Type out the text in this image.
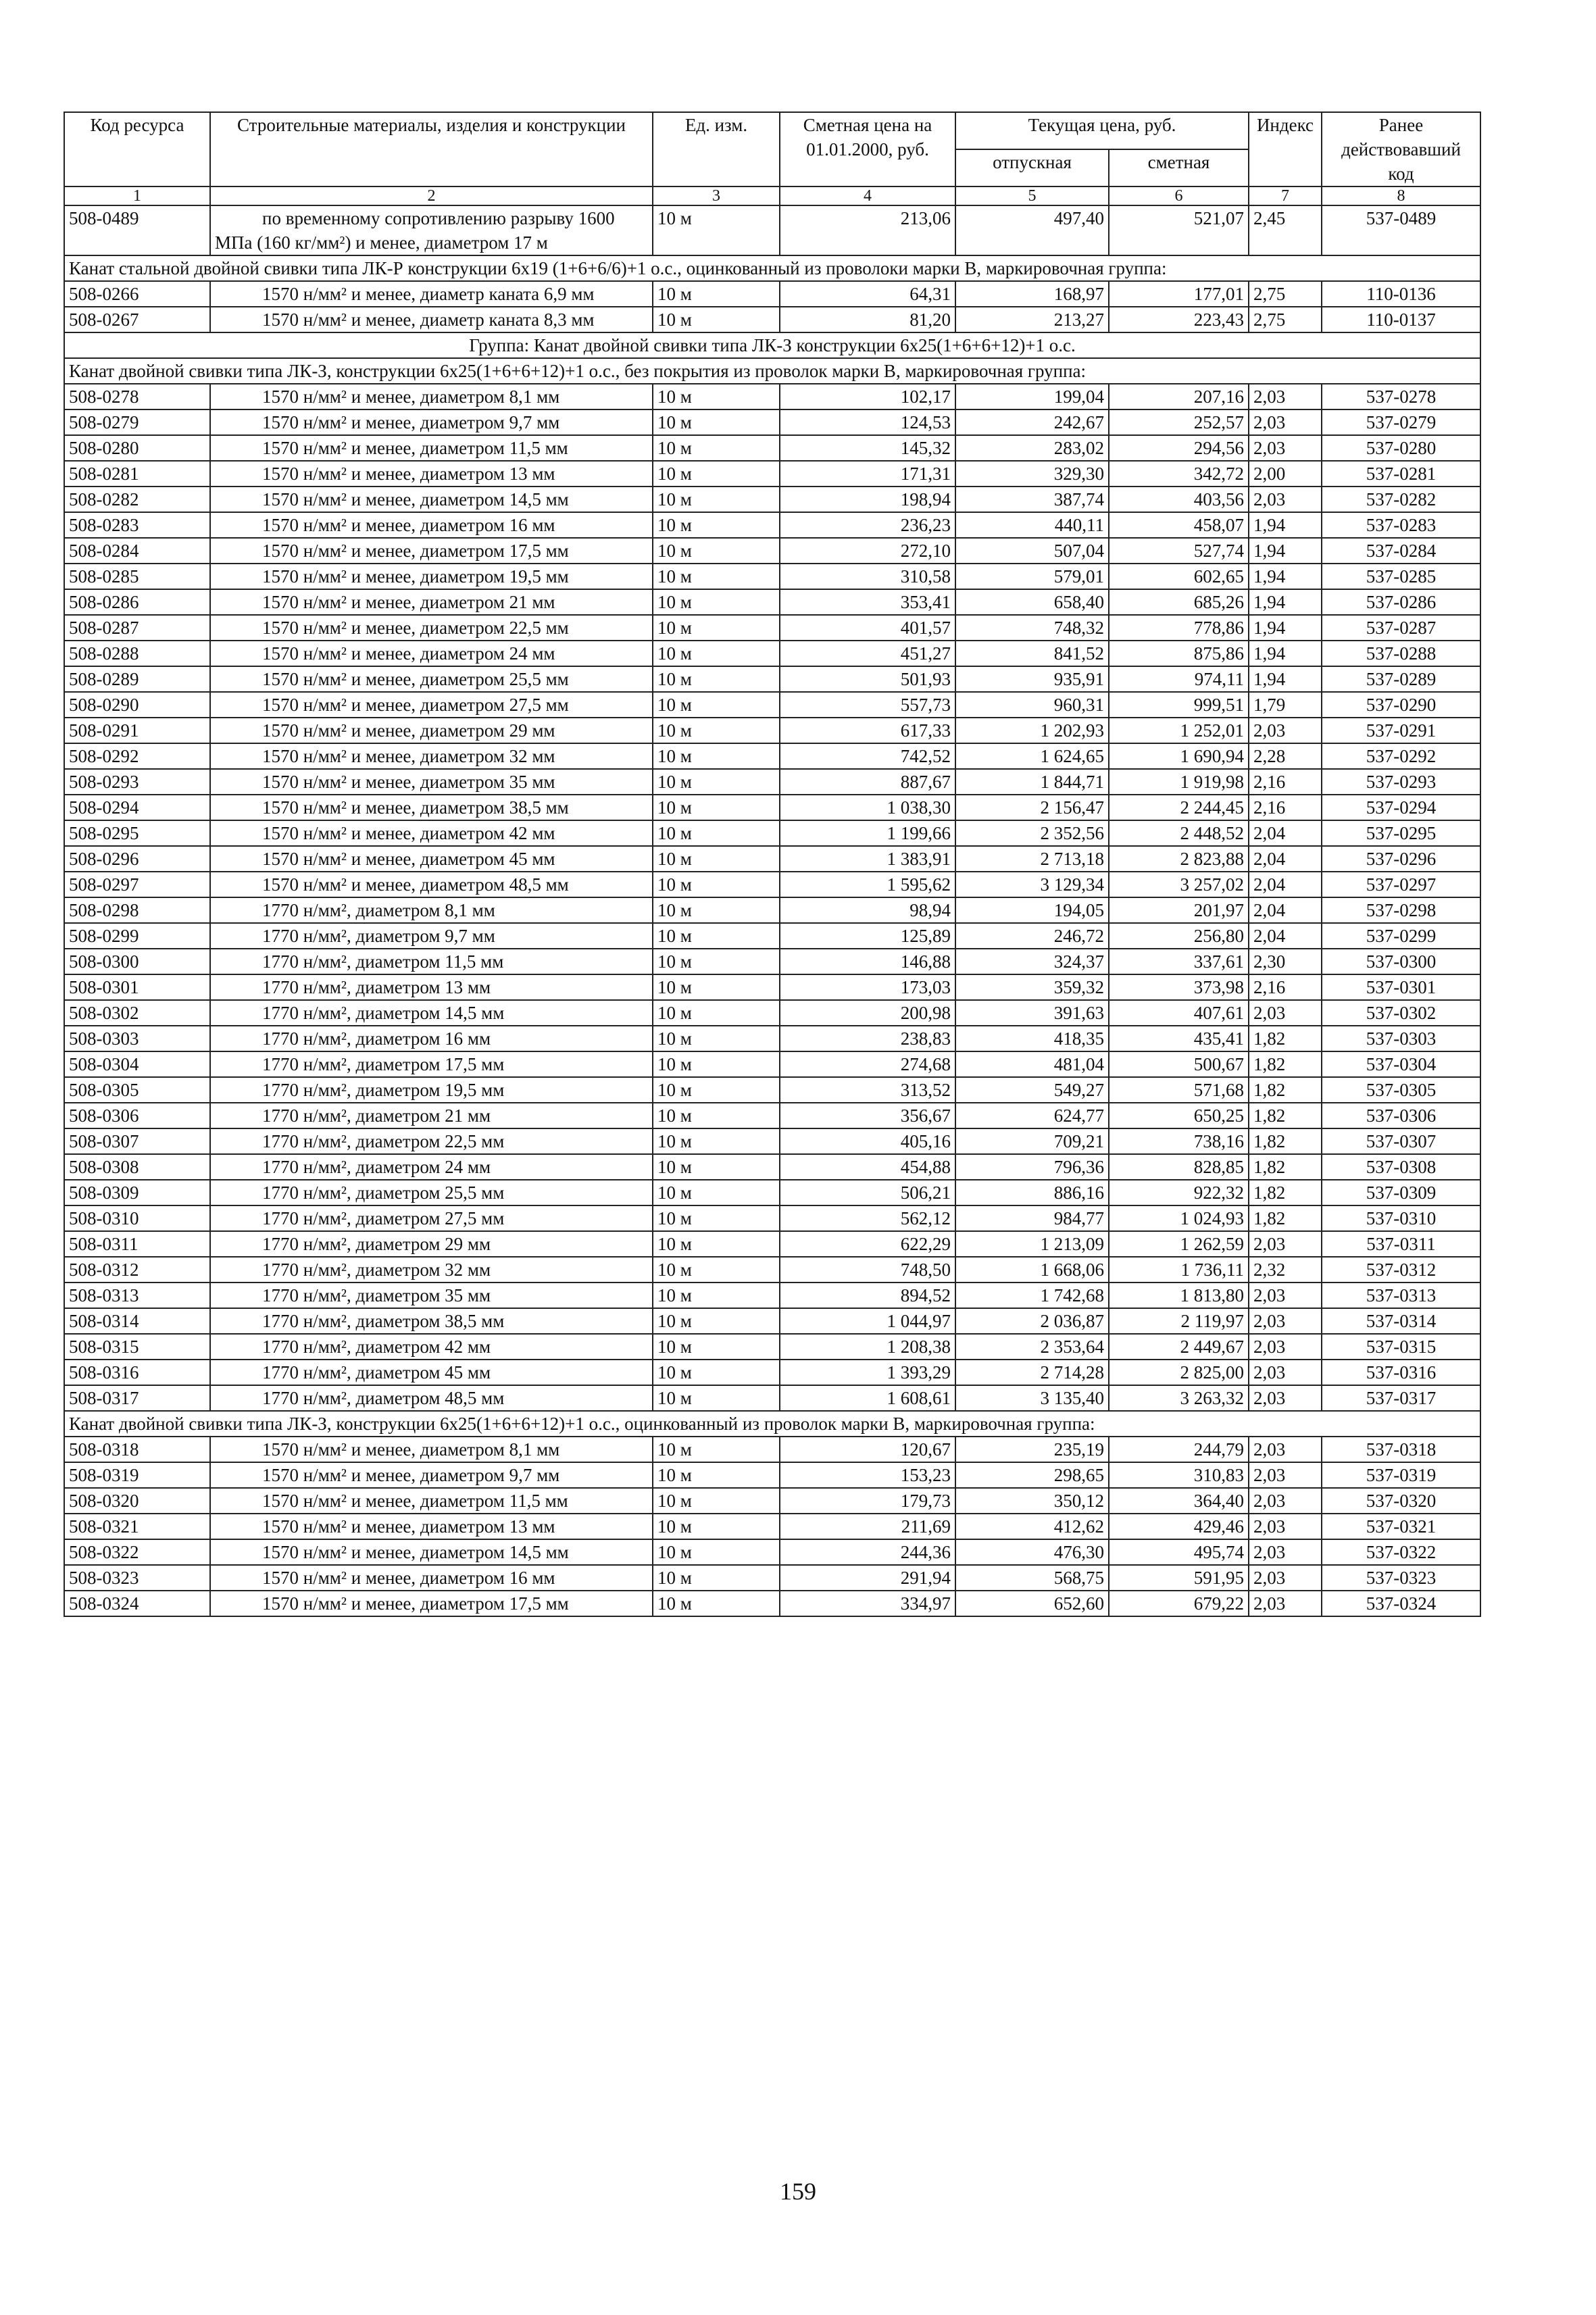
Код ресурса	Строительные материалы, изделия и конструкции	Ед. изм.	Сметная цена на 01.01.2000, руб.	Текущая цена, руб.		Индекс	Ранее действовавший код
				отпускная	сметная		
1	2	3	4	5	6	7	8
508-0489	по временному сопротивлению разрыву 1600 МПа (160 кг/мм²) и менее, диаметром 17 м	10 м	213,06	497,40	521,07	2,45	537-0489
Канат стальной двойной свивки типа ЛК-Р конструкции 6х19 (1+6+6/6)+1 о.с., оцинкованный из проволоки марки В, маркировочная группа:							
508-0266	1570 н/мм² и менее, диаметр каната 6,9 мм	10 м	64,31	168,97	177,01	2,75	110-0136
508-0267	1570 н/мм² и менее, диаметр каната 8,3 мм	10 м	81,20	213,27	223,43	2,75	110-0137
Группа: Канат двойной свивки типа ЛК-З конструкции 6х25(1+6+6+12)+1 о.с.							
Канат двойной свивки типа ЛК-З, конструкции 6х25(1+6+6+12)+1 о.с., без покрытия из проволок марки В, маркировочная группа:							
508-0278	1570 н/мм² и менее, диаметром 8,1 мм	10 м	102,17	199,04	207,16	2,03	537-0278
508-0279	1570 н/мм² и менее, диаметром 9,7 мм	10 м	124,53	242,67	252,57	2,03	537-0279
508-0280	1570 н/мм² и менее, диаметром 11,5 мм	10 м	145,32	283,02	294,56	2,03	537-0280
508-0281	1570 н/мм² и менее, диаметром 13 мм	10 м	171,31	329,30	342,72	2,00	537-0281
508-0282	1570 н/мм² и менее, диаметром 14,5 мм	10 м	198,94	387,74	403,56	2,03	537-0282
508-0283	1570 н/мм² и менее, диаметром 16 мм	10 м	236,23	440,11	458,07	1,94	537-0283
508-0284	1570 н/мм² и менее, диаметром 17,5 мм	10 м	272,10	507,04	527,74	1,94	537-0284
508-0285	1570 н/мм² и менее, диаметром 19,5 мм	10 м	310,58	579,01	602,65	1,94	537-0285
508-0286	1570 н/мм² и менее, диаметром 21 мм	10 м	353,41	658,40	685,26	1,94	537-0286
508-0287	1570 н/мм² и менее, диаметром 22,5 мм	10 м	401,57	748,32	778,86	1,94	537-0287
508-0288	1570 н/мм² и менее, диаметром 24 мм	10 м	451,27	841,52	875,86	1,94	537-0288
508-0289	1570 н/мм² и менее, диаметром 25,5 мм	10 м	501,93	935,91	974,11	1,94	537-0289
508-0290	1570 н/мм² и менее, диаметром 27,5 мм	10 м	557,73	960,31	999,51	1,79	537-0290
508-0291	1570 н/мм² и менее, диаметром 29 мм	10 м	617,33	1 202,93	1 252,01	2,03	537-0291
508-0292	1570 н/мм² и менее, диаметром 32 мм	10 м	742,52	1 624,65	1 690,94	2,28	537-0292
508-0293	1570 н/мм² и менее, диаметром 35 мм	10 м	887,67	1 844,71	1 919,98	2,16	537-0293
508-0294	1570 н/мм² и менее, диаметром 38,5 мм	10 м	1 038,30	2 156,47	2 244,45	2,16	537-0294
508-0295	1570 н/мм² и менее, диаметром 42 мм	10 м	1 199,66	2 352,56	2 448,52	2,04	537-0295
508-0296	1570 н/мм² и менее, диаметром 45 мм	10 м	1 383,91	2 713,18	2 823,88	2,04	537-0296
508-0297	1570 н/мм² и менее, диаметром 48,5 мм	10 м	1 595,62	3 129,34	3 257,02	2,04	537-0297
508-0298	1770 н/мм², диаметром 8,1 мм	10 м	98,94	194,05	201,97	2,04	537-0298
508-0299	1770 н/мм², диаметром 9,7 мм	10 м	125,89	246,72	256,80	2,04	537-0299
508-0300	1770 н/мм², диаметром 11,5 мм	10 м	146,88	324,37	337,61	2,30	537-0300
508-0301	1770 н/мм², диаметром 13 мм	10 м	173,03	359,32	373,98	2,16	537-0301
508-0302	1770 н/мм², диаметром 14,5 мм	10 м	200,98	391,63	407,61	2,03	537-0302
508-0303	1770 н/мм², диаметром 16 мм	10 м	238,83	418,35	435,41	1,82	537-0303
508-0304	1770 н/мм², диаметром 17,5 мм	10 м	274,68	481,04	500,67	1,82	537-0304
508-0305	1770 н/мм², диаметром 19,5 мм	10 м	313,52	549,27	571,68	1,82	537-0305
508-0306	1770 н/мм², диаметром 21 мм	10 м	356,67	624,77	650,25	1,82	537-0306
508-0307	1770 н/мм², диаметром 22,5 мм	10 м	405,16	709,21	738,16	1,82	537-0307
508-0308	1770 н/мм², диаметром 24 мм	10 м	454,88	796,36	828,85	1,82	537-0308
508-0309	1770 н/мм², диаметром 25,5 мм	10 м	506,21	886,16	922,32	1,82	537-0309
508-0310	1770 н/мм², диаметром 27,5 мм	10 м	562,12	984,77	1 024,93	1,82	537-0310
508-0311	1770 н/мм², диаметром 29 мм	10 м	622,29	1 213,09	1 262,59	2,03	537-0311
508-0312	1770 н/мм², диаметром 32 мм	10 м	748,50	1 668,06	1 736,11	2,32	537-0312
508-0313	1770 н/мм², диаметром 35 мм	10 м	894,52	1 742,68	1 813,80	2,03	537-0313
508-0314	1770 н/мм², диаметром 38,5 мм	10 м	1 044,97	2 036,87	2 119,97	2,03	537-0314
508-0315	1770 н/мм², диаметром 42 мм	10 м	1 208,38	2 353,64	2 449,67	2,03	537-0315
508-0316	1770 н/мм², диаметром 45 мм	10 м	1 393,29	2 714,28	2 825,00	2,03	537-0316
508-0317	1770 н/мм², диаметром 48,5 мм	10 м	1 608,61	3 135,40	3 263,32	2,03	537-0317
Канат двойной свивки типа ЛК-З, конструкции 6х25(1+6+6+12)+1 о.с., оцинкованный из проволок марки В, маркировочная группа:							
508-0318	1570 н/мм² и менее, диаметром 8,1 мм	10 м	120,67	235,19	244,79	2,03	537-0318
508-0319	1570 н/мм² и менее, диаметром 9,7 мм	10 м	153,23	298,65	310,83	2,03	537-0319
508-0320	1570 н/мм² и менее, диаметром 11,5 мм	10 м	179,73	350,12	364,40	2,03	537-0320
508-0321	1570 н/мм² и менее, диаметром 13 мм	10 м	211,69	412,62	429,46	2,03	537-0321
508-0322	1570 н/мм² и менее, диаметром 14,5 мм	10 м	244,36	476,30	495,74	2,03	537-0322
508-0323	1570 н/мм² и менее, диаметром 16 мм	10 м	291,94	568,75	591,95	2,03	537-0323
508-0324	1570 н/мм² и менее, диаметром 17,5 мм	10 м	334,97	652,60	679,22	2,03	537-0324
159
